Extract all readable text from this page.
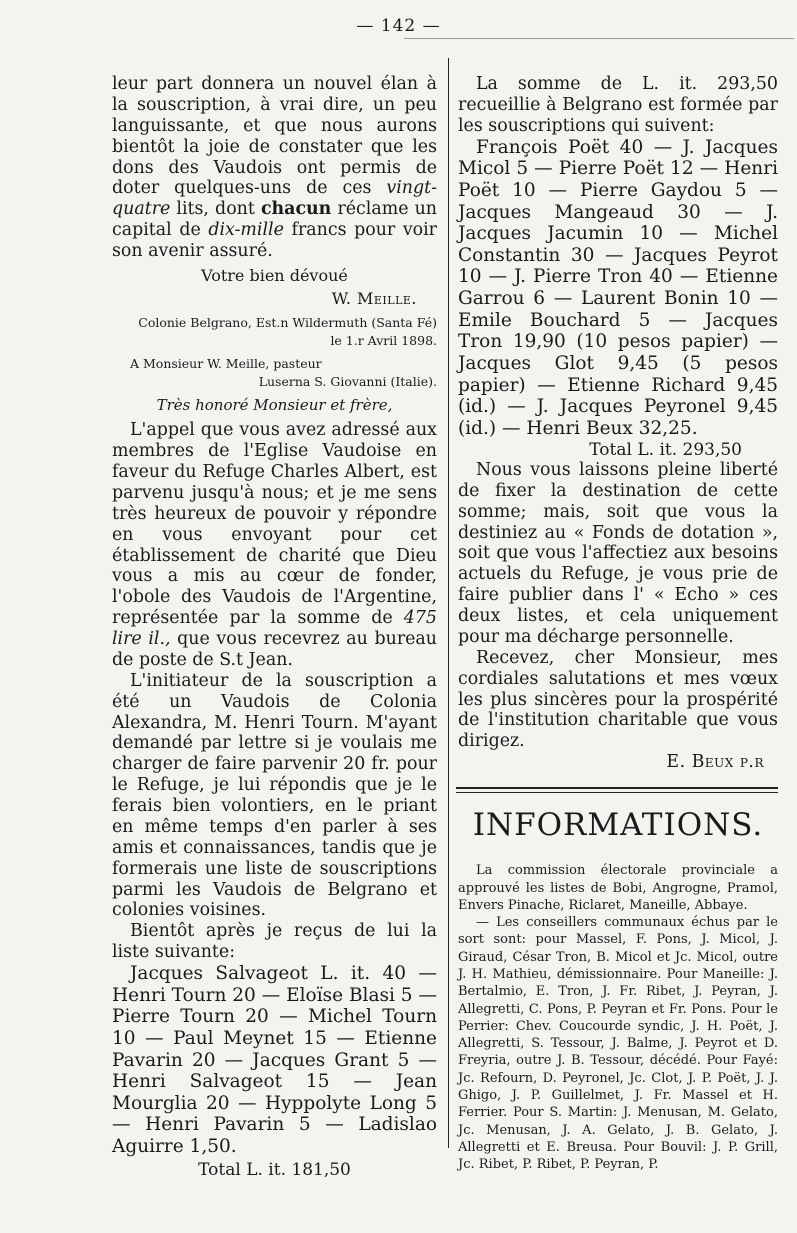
— 142 —

leur part donnera un nouvel élan à la souscription, à vrai dire, un peu languissante, et que nous aurons bientôt la joie de constater que les dons des Vaudois ont permis de doter quelques-uns de ces vingt-quatre lits, dont chacun réclame un capital de dix-mille francs pour voir son avenir assuré.

Votre bien dévoué

W. Meille.

Colonie Belgrano, Est.n Wildermuth (Santa Fé)
le 1.r Avril 1898.
A Monsieur W. Meille, pasteur
Luserna S. Giovanni (Italie).

Très honoré Monsieur et frère,

L'appel que vous avez adressé aux membres de l'Eglise Vaudoise en faveur du Refuge Charles Albert, est parvenu jusqu'à nous; et je me sens très heureux de pouvoir y répondre en vous envoyant pour cet établissement de charité que Dieu vous a mis au cœur de fonder, l'obole des Vaudois de l'Argentine, représentée par la somme de 475 lire il., que vous recevrez au bureau de poste de S.t Jean.

L'initiateur de la souscription a été un Vaudois de Colonia Alexandra, M. Henri Tourn. M'ayant demandé par lettre si je voulais me charger de faire parvenir 20 fr. pour le Refuge, je lui répondis que je le ferais bien volontiers, en le priant en même temps d'en parler à ses amis et connaissances, tandis que je formerais une liste de souscriptions parmi les Vaudois de Belgrano et colonies voisines.

Bientôt après je reçus de lui la liste suivante:

Jacques Salvageot L. it. 40 — Henri Tourn 20 — Eloïse Blasi 5 — Pierre Tourn 20 — Michel Tourn 10 — Paul Meynet 15 — Etienne Pavarin 20 — Jacques Grant 5 — Henri Salvageot 15 — Jean Mourglia 20 — Hyppolyte Long 5 — Henri Pavarin 5 — Ladislao Aguirre 1,50.

Total L. it. 181,50

La somme de L. it. 293,50 recueillie à Belgrano est formée par les souscriptions qui suivent:

François Poët 40 — J. Jacques Micol 5 — Pierre Poët 12 — Henri Poët 10 — Pierre Gaydou 5 — Jacques Mangeaud 30 — J. Jacques Jacumin 10 — Michel Constantin 30 — Jacques Peyrot 10 — J. Pierre Tron 40 — Etienne Garrou 6 — Laurent Bonin 10 — Emile Bouchard 5 — Jacques Tron 19,90 (10 pesos papier) — Jacques Glot 9,45 (5 pesos papier) — Etienne Richard 9,45 (id.) — J. Jacques Peyronel 9,45 (id.) — Henri Beux 32,25.

Total L. it. 293,50

Nous vous laissons pleine liberté de fixer la destination de cette somme; mais, soit que vous la destiniez au « Fonds de dotation », soit que vous l'affectiez aux besoins actuels du Refuge, je vous prie de faire publier dans l' « Echo » ces deux listes, et cela uniquement pour ma décharge personnelle.

Recevez, cher Monsieur, mes cordiales salutations et mes vœux les plus sincères pour la prospérité de l'institution charitable que vous dirigez.

E. Beux p.r

INFORMATIONS.

La commission électorale provinciale a approuvé les listes de Bobi, Angrogne, Pramol, Envers Pinache, Riclaret, Maneille, Abbaye.

— Les conseillers communaux échus par le sort sont: pour Massel, F. Pons, J. Micol, J. Giraud, César Tron, B. Micol et Jc. Micol, outre J. H. Mathieu, démissionnaire. Pour Maneille: J. Bertalmio, E. Tron, J. Fr. Ribet, J. Peyran, J. Allegretti, C. Pons, P. Peyran et Fr. Pons. Pour le Perrier: Chev. Coucourde syndic, J. H. Poët, J. Allegretti, S. Tessour, J. Balme, J. Peyrot et D. Freyria, outre J. B. Tessour, décédé. Pour Fayé: Jc. Refourn, D. Peyronel, Jc. Clot, J. P. Poët, J. J. Ghigo, J. P. Guillelmet, J. Fr. Massel et H. Ferrier. Pour S. Martin: J. Menusan, M. Gelato, Jc. Menusan, J. A. Gelato, J. B. Gelato, J. Allegretti et E. Breusa. Pour Bouvil: J. P. Grill, Jc. Ribet, P. Ribet, P. Peyran, P.
